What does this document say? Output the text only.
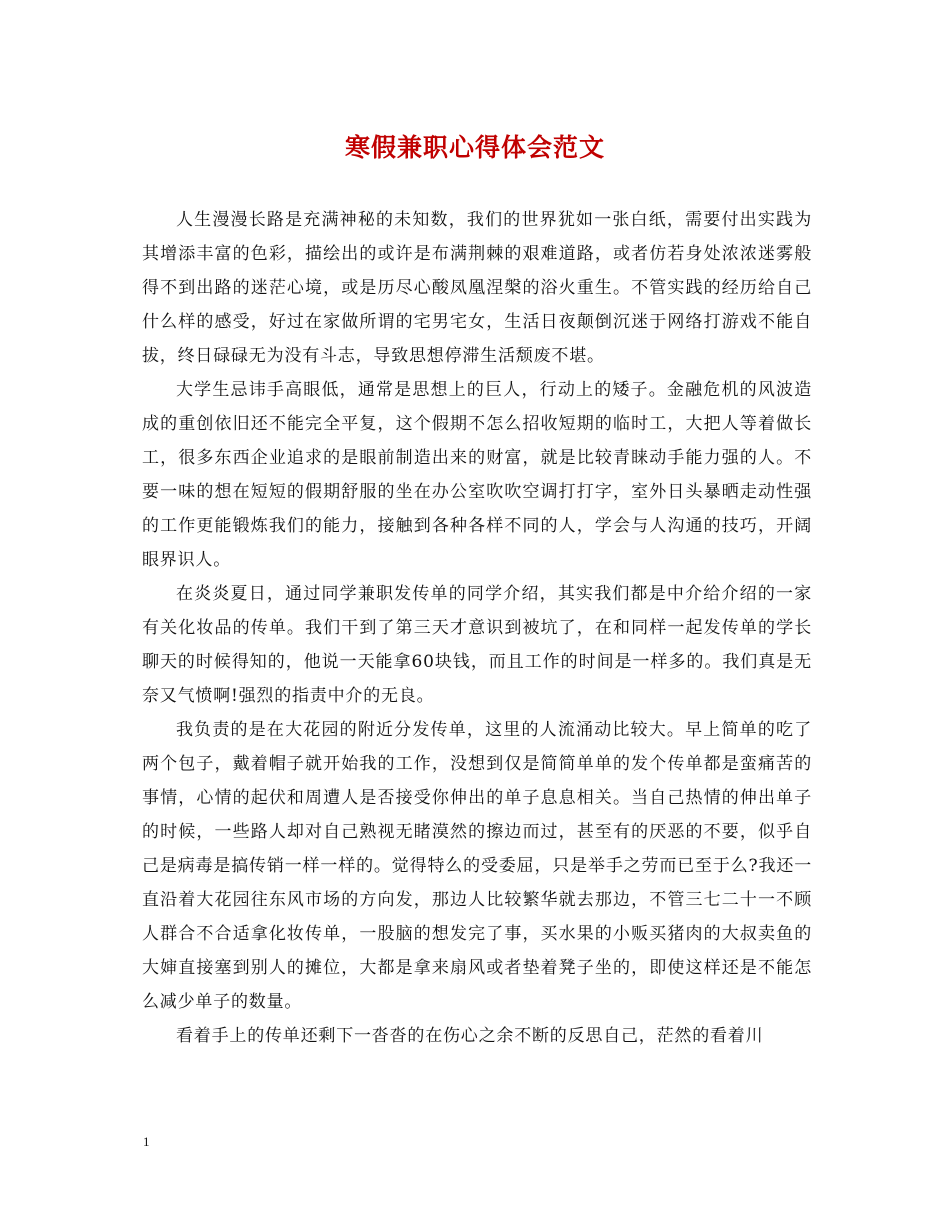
寒假兼职心得体会范文

人生漫漫长路是充满神秘的未知数，我们的世界犹如一张白纸，需要付出实践为其增添丰富的色彩，描绘出的或许是布满荆棘的艰难道路，或者仿若身处浓浓迷雾般得不到出路的迷茫心境，或是历尽心酸凤凰涅槃的浴火重生。不管实践的经历给自己什么样的感受，好过在家做所谓的宅男宅女，生活日夜颠倒沉迷于网络打游戏不能自拔，终日碌碌无为没有斗志，导致思想停滞生活颓废不堪。

大学生忌讳手高眼低，通常是思想上的巨人，行动上的矮子。金融危机的风波造成的重创依旧还不能完全平复，这个假期不怎么招收短期的临时工，大把人等着做长工，很多东西企业追求的是眼前制造出来的财富，就是比较青睐动手能力强的人。不要一味的想在短短的假期舒服的坐在办公室吹吹空调打打字，室外日头暴晒走动性强的工作更能锻炼我们的能力，接触到各种各样不同的人，学会与人沟通的技巧，开阔眼界识人。

在炎炎夏日，通过同学兼职发传单的同学介绍，其实我们都是中介给介绍的一家有关化妆品的传单。我们干到了第三天才意识到被坑了，在和同样一起发传单的学长聊天的时候得知的，他说一天能拿60块钱，而且工作的时间是一样多的。我们真是无奈又气愤啊!强烈的指责中介的无良。

我负责的是在大花园的附近分发传单，这里的人流涌动比较大。早上简单的吃了两个包子，戴着帽子就开始我的工作，没想到仅是简简单单的发个传单都是蛮痛苦的事情，心情的起伏和周遭人是否接受你伸出的单子息息相关。当自己热情的伸出单子的时候，一些路人却对自己熟视无睹漠然的擦边而过，甚至有的厌恶的不要，似乎自己是病毒是搞传销一样一样的。觉得特么的受委屈，只是举手之劳而已至于么?我还一直沿着大花园往东风市场的方向发，那边人比较繁华就去那边，不管三七二十一不顾人群合不合适拿化妆传单，一股脑的想发完了事，买水果的小贩买猪肉的大叔卖鱼的大婶直接塞到别人的摊位，大都是拿来扇风或者垫着凳子坐的，即使这样还是不能怎么减少单子的数量。

看着手上的传单还剩下一沓沓的在伤心之余不断的反思自己，茫然的看着川

1
